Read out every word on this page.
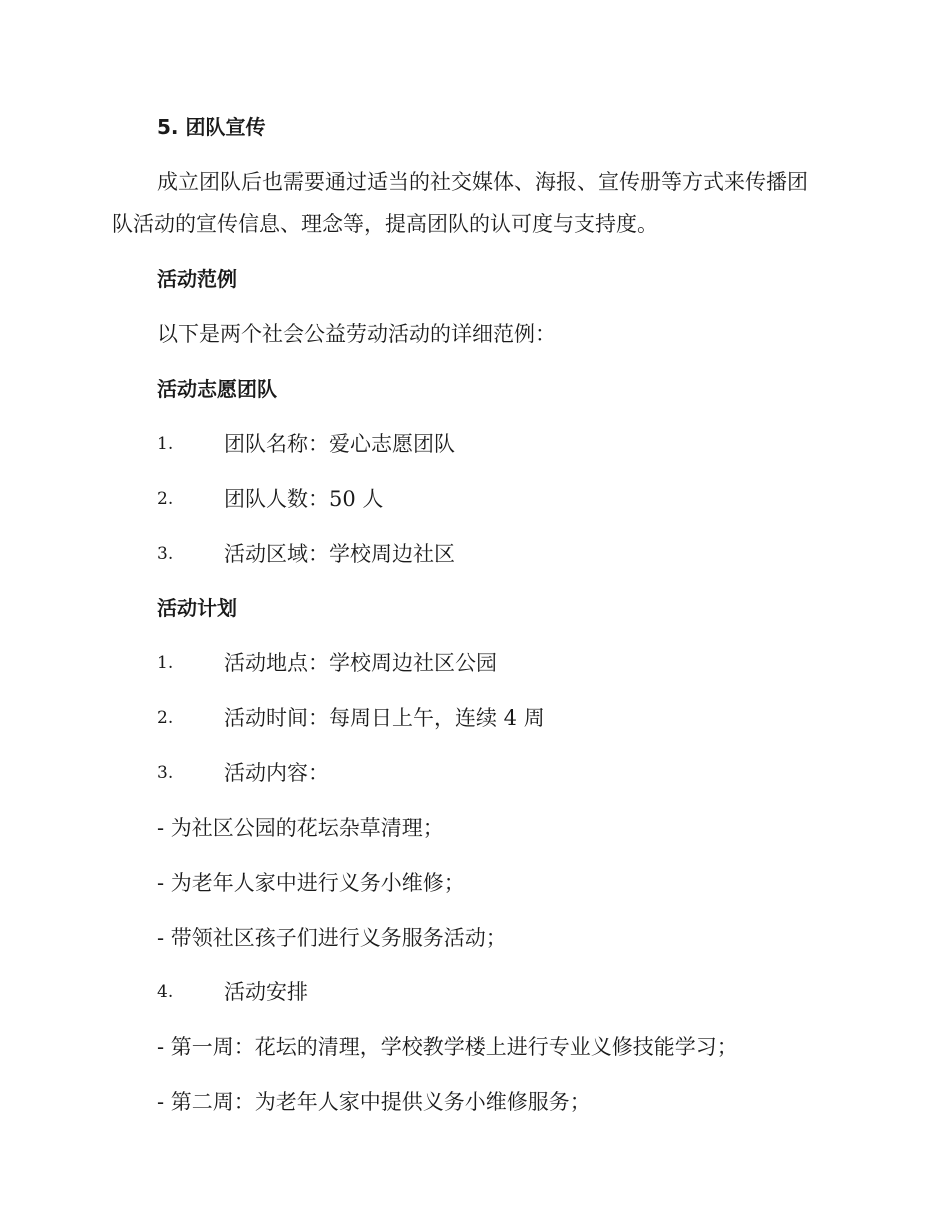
5. 团队宣传
成立团队后也需要通过适当的社交媒体、海报、宣传册等方式来传播团
队活动的宣传信息、理念等，提高团队的认可度与支持度。
活动范例
以下是两个社会公益劳动活动的详细范例：
活动志愿团队
1. 团队名称：爱心志愿团队
2. 团队人数：50 人
3. 活动区域：学校周边社区
活动计划
1. 活动地点：学校周边社区公园
2. 活动时间：每周日上午，连续 4 周
3. 活动内容：
- 为社区公园的花坛杂草清理；
- 为老年人家中进行义务小维修；
- 带领社区孩子们进行义务服务活动；
4. 活动安排
- 第一周：花坛的清理，学校教学楼上进行专业义修技能学习；
- 第二周：为老年人家中提供义务小维修服务；
